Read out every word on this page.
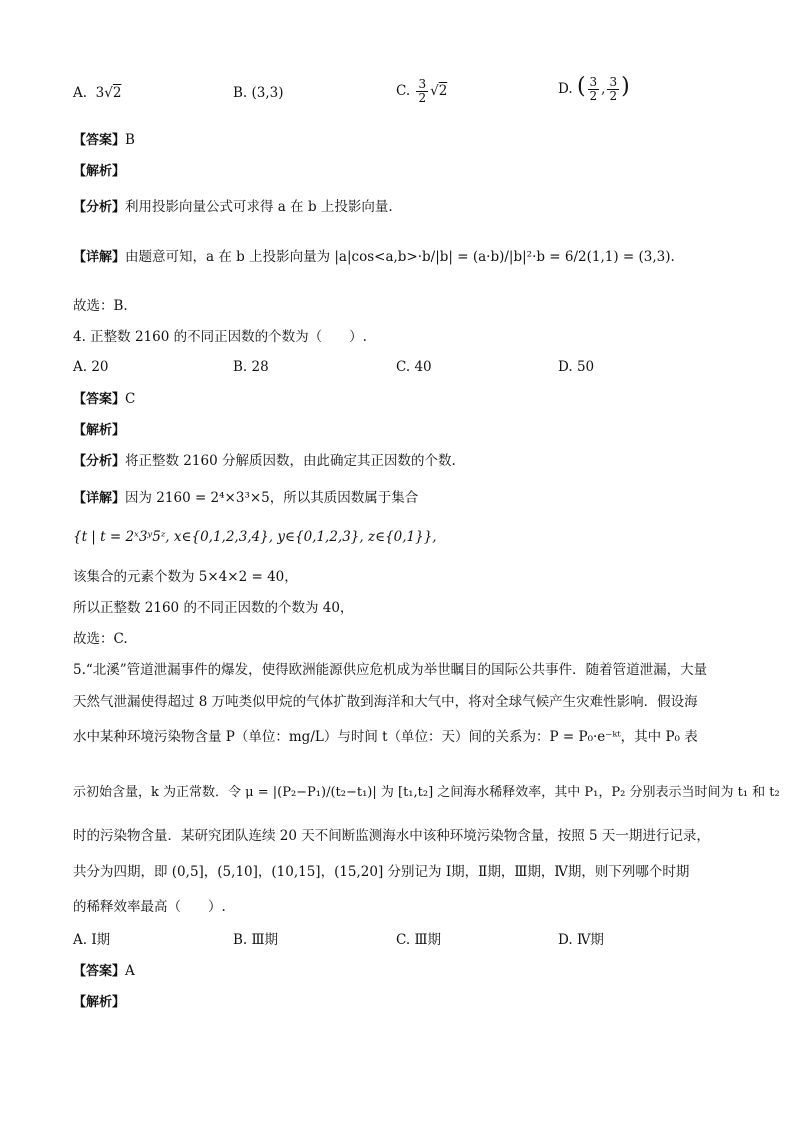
A.  3√2	B. (3,3)	C. $\frac{3}{2} √2$	D. ( $\frac{3}{2}$ , $\frac{3}{2}$ )
【答案】B
【解析】
【分析】利用投影向量公式可求得 a 在 b 上投影向量.
【详解】由题意可知，a 在 b 上投影向量为 |a|cos<a,b>·b/|b| = (a·b)/|b|²·b = 6/2(1,1) = (3,3).
故选：B.
4. 正整数 2160 的不同正因数的个数为（　　）.
A. 20	B. 28	C. 40	D. 50
【答案】C
【解析】
【分析】将正整数 2160 分解质因数，由此确定其正因数的个数.
【详解】因为 2160 = 2⁴×3³×5，所以其质因数属于集合
{t | t = 2ˣ3ʸ5ᶻ, x∈{0,1,2,3,4}, y∈{0,1,2,3}, z∈{0,1}},
该集合的元素个数为 5×4×2 = 40，
所以正整数 2160 的不同正因数的个数为 40，
故选：C.
5.“北溪”管道泄漏事件的爆发，使得欧洲能源供应危机成为举世瞩目的国际公共事件．随着管道泄漏，大量
天然气泄漏使得超过 8 万吨类似甲烷的气体扩散到海洋和大气中，将对全球气候产生灾难性影响．假设海
水中某种环境污染物含量 P（单位：mg/L）与时间 t（单位：天）间的关系为：P = P₀·e⁻ᵏᵗ，其中 P₀ 表
示初始含量，k 为正常数．令 μ = |(P₂−P₁)/(t₂−t₁)| 为 [t₁,t₂] 之间海水稀释效率，其中 P₁，P₂ 分别表示当时间为 t₁ 和 t₂
时的污染物含量．某研究团队连续 20 天不间断监测海水中该种环境污染物含量，按照 5 天一期进行记录，
共分为四期，即 (0,5]，(5,10]，(10,15]，(15,20] 分别记为 Ⅰ期，Ⅱ期，Ⅲ期，Ⅳ期，则下列哪个时期
的稀释效率最高（　　）.
A. Ⅰ期	B. Ⅲ期	C. Ⅲ期	D. Ⅳ期
【答案】A
【解析】
